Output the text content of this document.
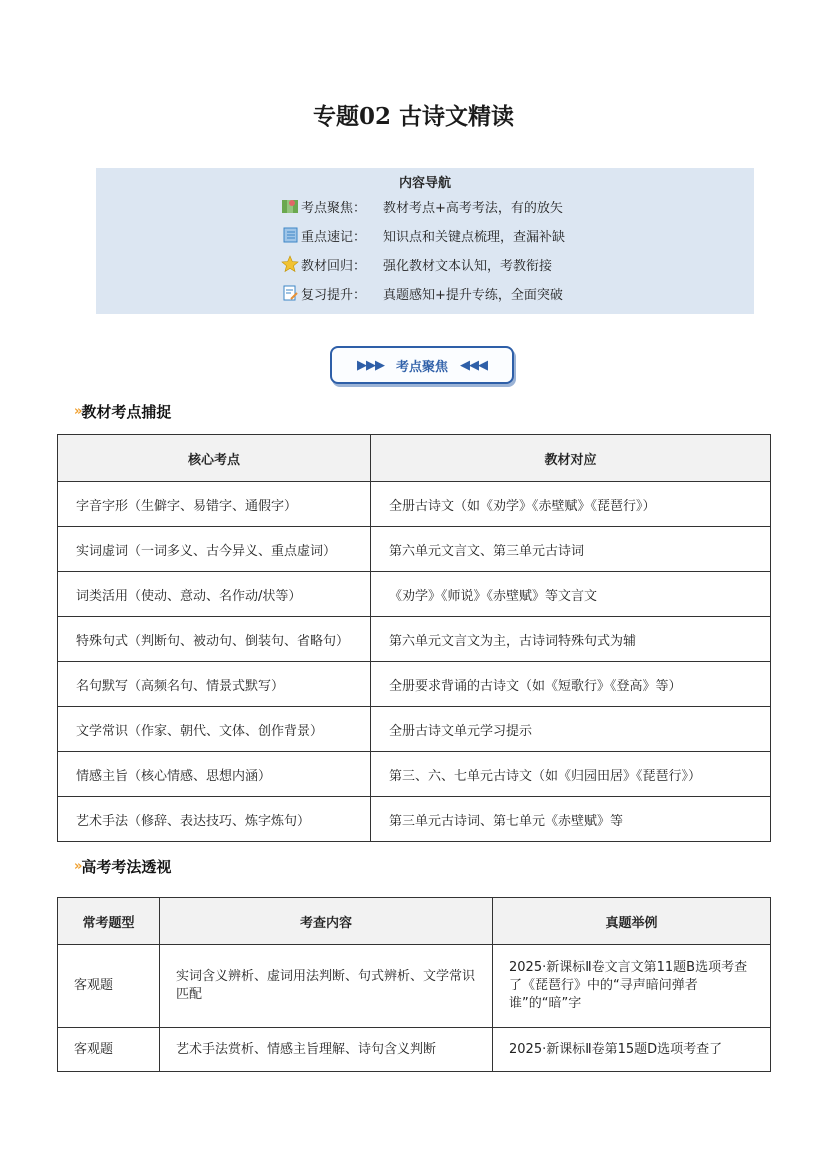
专题02 古诗文精读
内容导航
考点聚焦：	教材考点+高考考法，有的放矢
重点速记：	知识点和关键点梳理，查漏补缺
教材回归：	强化教材文本认知，考教衔接
复习提升：	真题感知+提升专练，全面突破
▶▶▶ 考点聚焦 ◀◀◀
» 教材考点捕捉
核心考点	教材对应
字音字形（生僻字、易错字、通假字）	全册古诗文（如《劝学》《赤壁赋》《琵琶行》）
实词虚词（一词多义、古今异义、重点虚词）	第六单元文言文、第三单元古诗词
词类活用（使动、意动、名作动/状等）	《劝学》《师说》《赤壁赋》等文言文
特殊句式（判断句、被动句、倒装句、省略句）	第六单元文言文为主，古诗词特殊句式为辅
名句默写（高频名句、情景式默写）	全册要求背诵的古诗文（如《短歌行》《登高》等）
文学常识（作家、朝代、文体、创作背景）	全册古诗文单元学习提示
情感主旨（核心情感、思想内涵）	第三、六、七单元古诗文（如《归园田居》《琵琶行》）
艺术手法（修辞、表达技巧、炼字炼句）	第三单元古诗词、第七单元《赤壁赋》等
» 高考考法透视
常考题型	考查内容	真题举例
客观题	实词含义辨析、虚词用法判断、句式辨析、文学常识匹配	2025·新课标Ⅱ卷文言文第11题B选项考查了《琵琶行》中的“寻声暗问弹者谁”的“暗”字
客观题	艺术手法赏析、情感主旨理解、诗句含义判断	2025·新课标Ⅱ卷第15题D选项考查了
